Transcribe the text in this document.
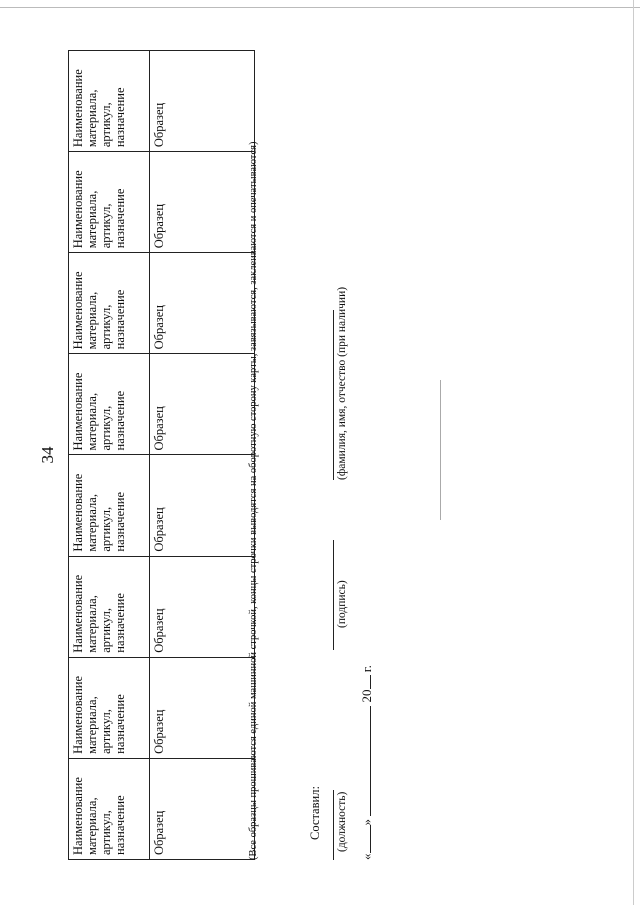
34
Наименование материала, артикул, назначение	Наименование материала, артикул, назначение	Наименование материала, артикул, назначение	Наименование материала, артикул, назначение	Наименование материала, артикул, назначение	Наименование материала, артикул, назначение	Наименование материала, артикул, назначение	Наименование материала, артикул, назначение
Образец	Образец	Образец	Образец	Образец	Образец	Образец	Образец
(Все образцы прошиваются единой машинной строчкой, концы строчки выводятся на оборотную сторону карты, завязываются, заклеиваются и опечатываются)	Составил: (должность)
(подпись)
(фамилия, имя, отчество (при наличии)
«»  20 г.
